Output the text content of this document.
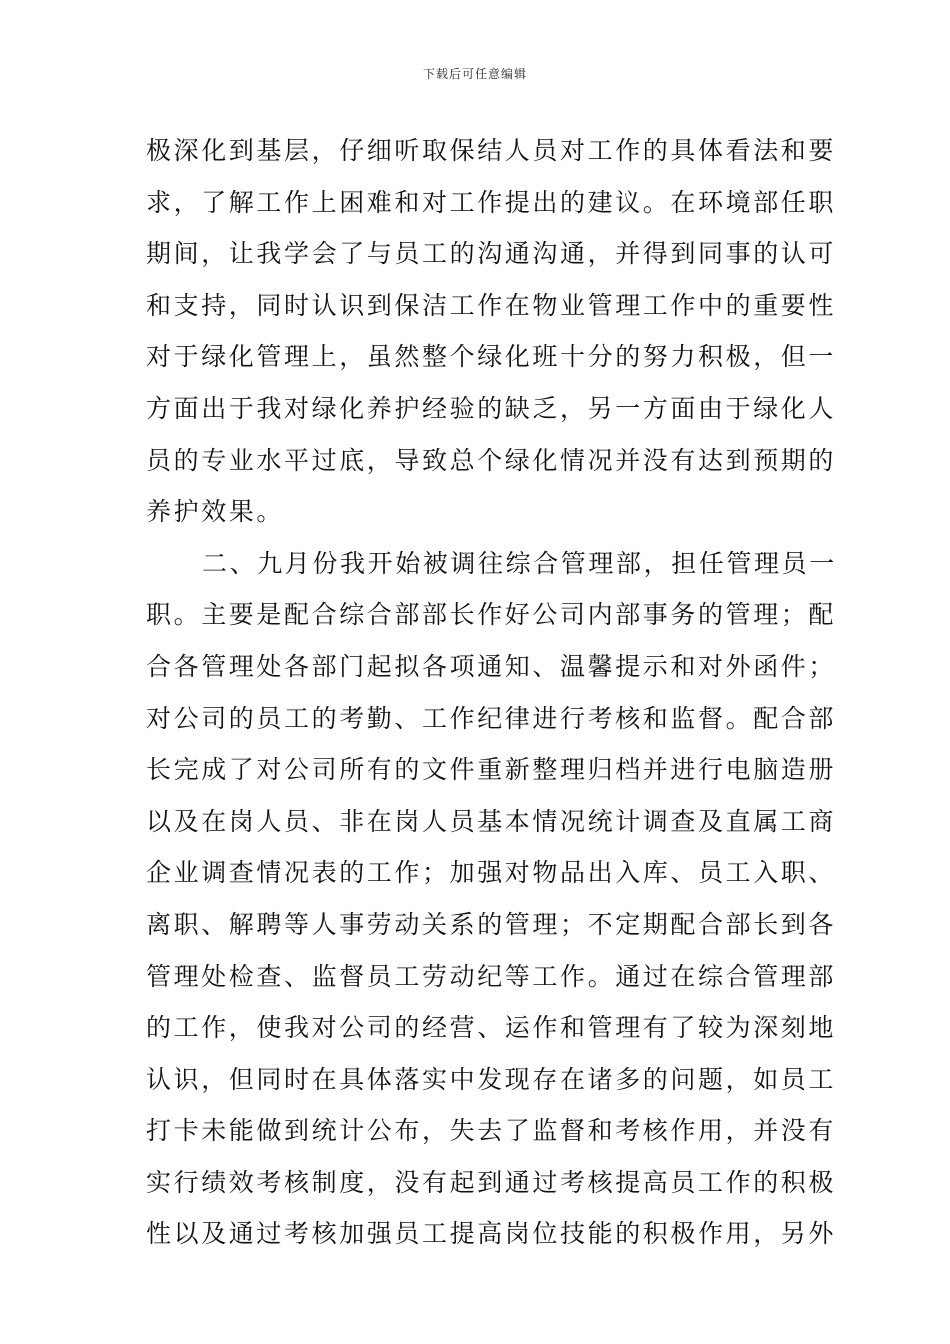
下载后可任意编辑
极深化到基层，仔细听取保结人员对工作的具体看法和要
求，了解工作上困难和对工作提出的建议。在环境部任职
期间，让我学会了与员工的沟通沟通，并得到同事的认可
和支持，同时认识到保洁工作在物业管理工作中的重要性
对于绿化管理上，虽然整个绿化班十分的努力积极，但一
方面出于我对绿化养护经验的缺乏，另一方面由于绿化人
员的专业水平过底，导致总个绿化情况并没有达到预期的
养护效果。
二、九月份我开始被调往综合管理部，担任管理员一
职。主要是配合综合部部长作好公司内部事务的管理；配
合各管理处各部门起拟各项通知、温馨提示和对外函件；
对公司的员工的考勤、工作纪律进行考核和监督。配合部
长完成了对公司所有的文件重新整理归档并进行电脑造册
以及在岗人员、非在岗人员基本情况统计调查及直属工商
企业调查情况表的工作；加强对物品出入库、员工入职、
离职、解聘等人事劳动关系的管理；不定期配合部长到各
管理处检查、监督员工劳动纪等工作。通过在综合管理部
的工作，使我对公司的经营、运作和管理有了较为深刻地
认识，但同时在具体落实中发现存在诸多的问题，如员工
打卡未能做到统计公布，失去了监督和考核作用，并没有
实行绩效考核制度，没有起到通过考核提高员工作的积极
性以及通过考核加强员工提高岗位技能的积极作用，另外
